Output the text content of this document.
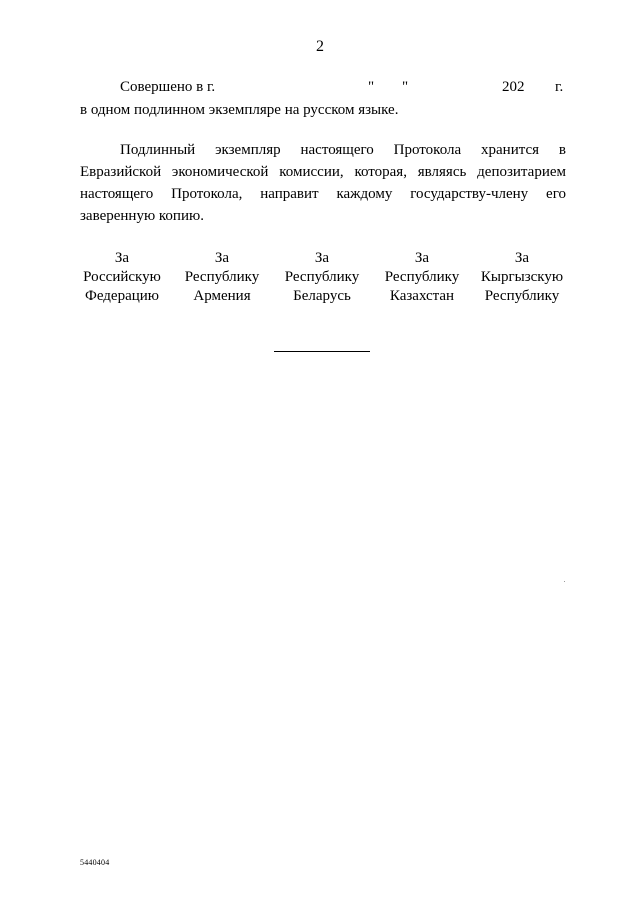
2
Совершено в г.	" "	202 г.
в одном подлинном экземпляре на русском языке.
Подлинный экземпляр настоящего Протокола хранится в Евразийской экономической комиссии, которая, являясь депозитарием настоящего Протокола, направит каждому государству-члену его заверенную копию.
За
Российскую
Федерацию
За
Республику
Армения
За
Республику
Беларусь
За
Республику
Казахстан
За
Кыргызскую
Республику
5440404
